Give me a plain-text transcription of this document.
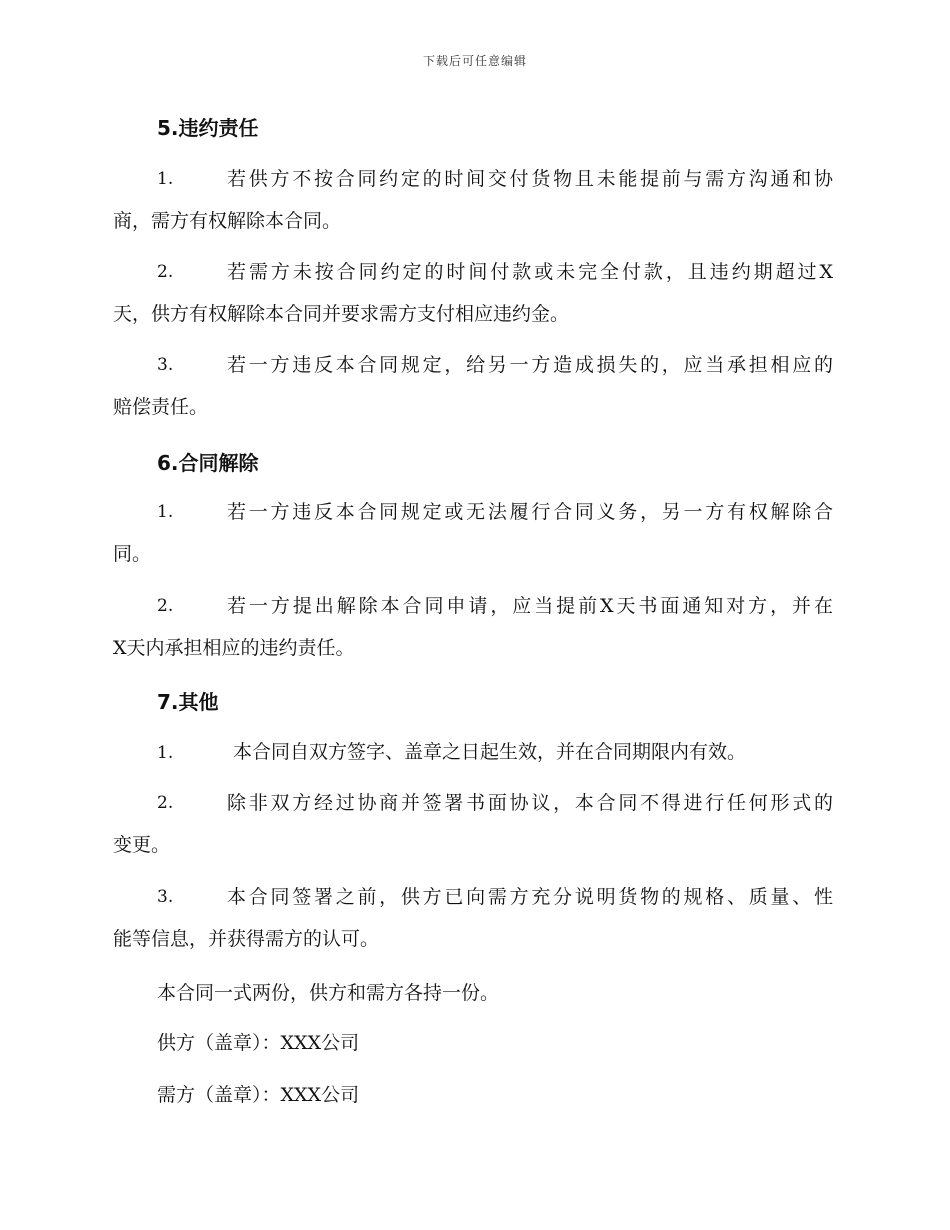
下载后可任意编辑
5.违约责任
1.	若供方不按合同约定的时间交付货物且未能提前与需方沟通和协
商，需方有权解除本合同。
2.	若需方未按合同约定的时间付款或未完全付款，且违约期超过X
天，供方有权解除本合同并要求需方支付相应违约金。
3.	若一方违反本合同规定，给另一方造成损失的，应当承担相应的
赔偿责任。
6.合同解除
1.	若一方违反本合同规定或无法履行合同义务，另一方有权解除合
同。
2.	若一方提出解除本合同申请，应当提前X天书面通知对方，并在
X天内承担相应的违约责任。
7.其他
1.	本合同自双方签字、盖章之日起生效，并在合同期限内有效。
2.	除非双方经过协商并签署书面协议，本合同不得进行任何形式的
变更。
3.	本合同签署之前，供方已向需方充分说明货物的规格、质量、性
能等信息，并获得需方的认可。
本合同一式两份，供方和需方各持一份。
供方（盖章）：XXX公司
需方（盖章）：XXX公司
